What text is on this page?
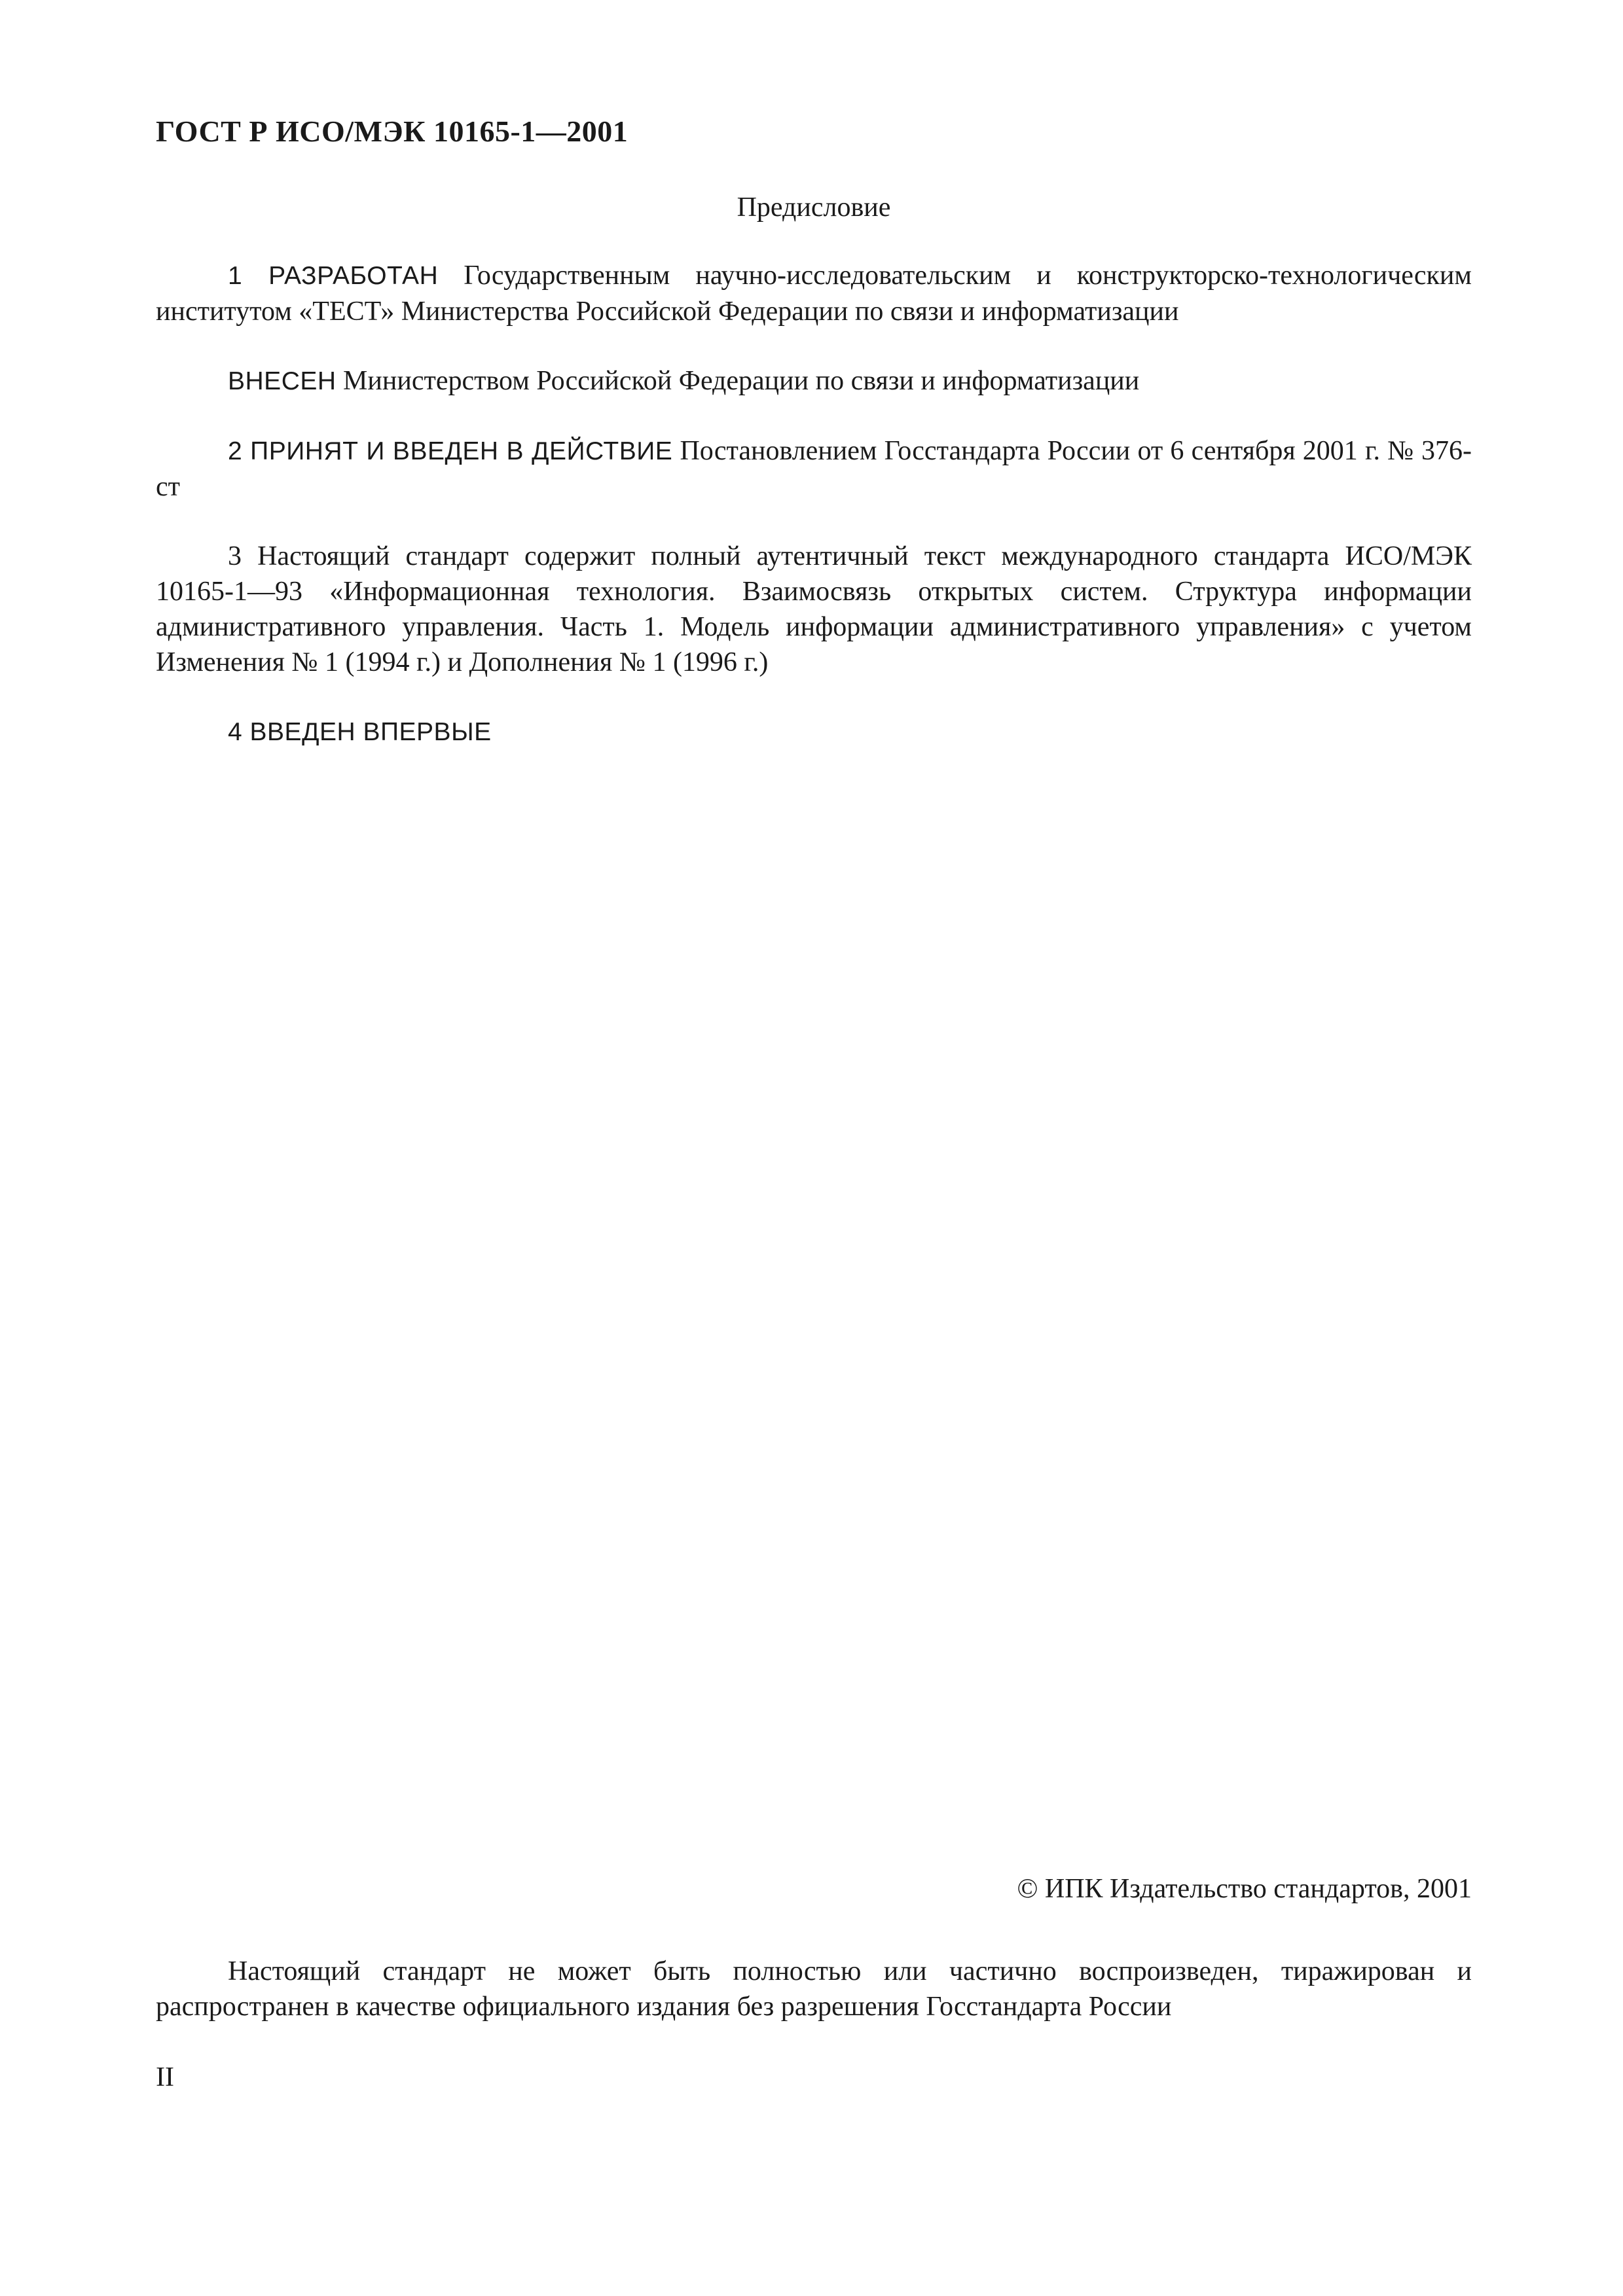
ГОСТ Р ИСО/МЭК 10165-1—2001
Предисловие

1 РАЗРАБОТАН Государственным научно-исследовательским и конструкторско-технологическим институтом «ТЕСТ» Министерства Российской Федерации по связи и информатизации

ВНЕСЕН Министерством Российской Федерации по связи и информатизации

2 ПРИНЯТ И ВВЕДЕН В ДЕЙСТВИЕ Постановлением Госстандарта России от 6 сентября 2001 г. № 376-ст

3 Настоящий стандарт содержит полный аутентичный текст международного стандарта ИСО/МЭК 10165-1—93 «Информационная технология. Взаимосвязь открытых систем. Структура информации административного управления. Часть 1. Модель информации административного управления» с учетом Изменения № 1 (1994 г.) и Дополнения № 1 (1996 г.)

4 ВВЕДЕН ВПЕРВЫЕ

© ИПК Издательство стандартов, 2001
Настоящий стандарт не может быть полностью или частично воспроизведен, тиражирован и распространен в качестве официального издания без разрешения Госстандарта России
II
